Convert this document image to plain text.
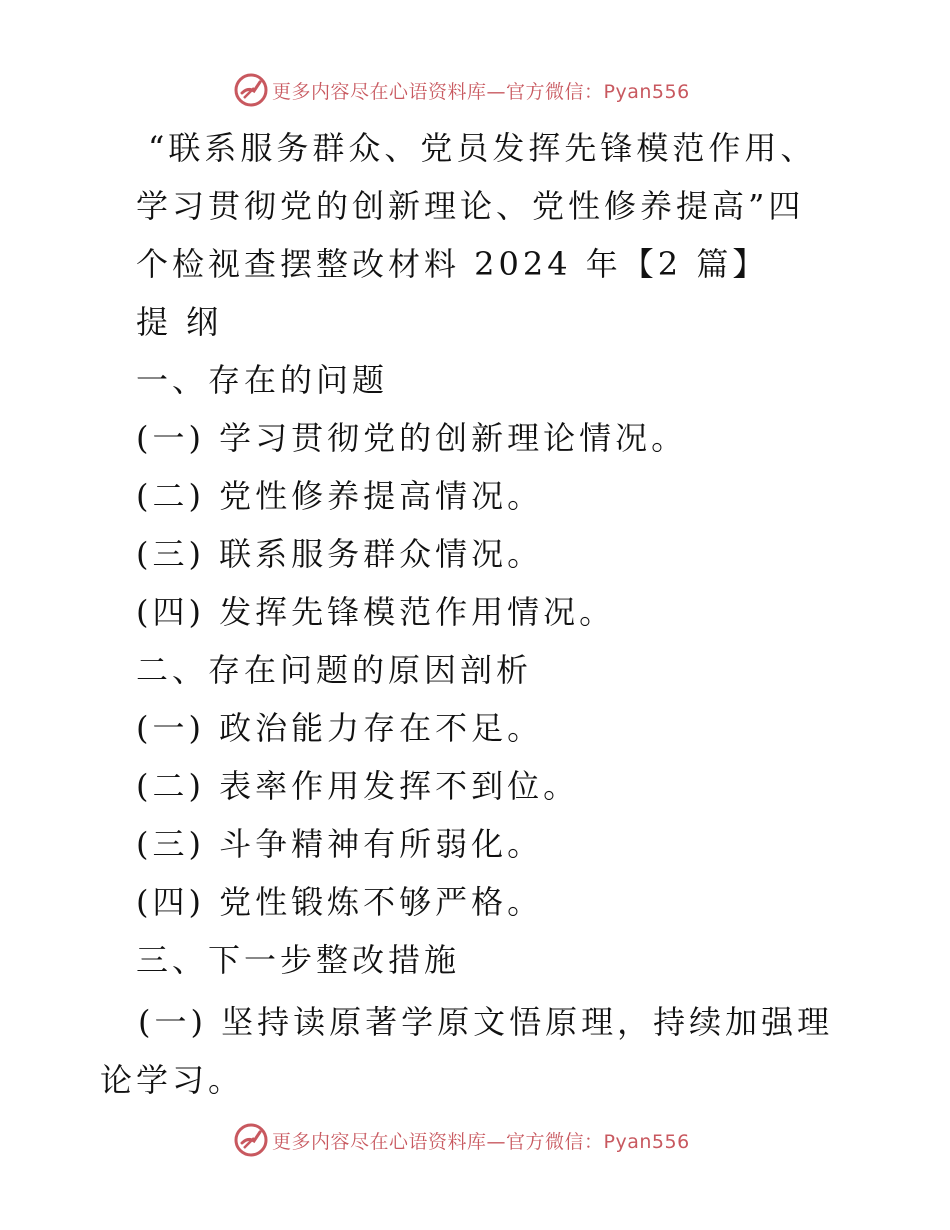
更多内容尽在心语资料库—官方微信：Pyan556
“联系服务群众、党员发挥先锋模范作用、
学习贯彻党的创新理论、党性修养提高”四
个检视查摆整改材料 2024 年【2 篇】
提 纲
一、存在的问题
(一) 学习贯彻党的创新理论情况。
(二) 党性修养提高情况。
(三) 联系服务群众情况。
(四) 发挥先锋模范作用情况。
二、存在问题的原因剖析
(一) 政治能力存在不足。
(二) 表率作用发挥不到位。
(三) 斗争精神有所弱化。
(四) 党性锻炼不够严格。
三、下一步整改措施
(一) 坚持读原著学原文悟原理，持续加强理论学习。
更多内容尽在心语资料库—官方微信：Pyan556
